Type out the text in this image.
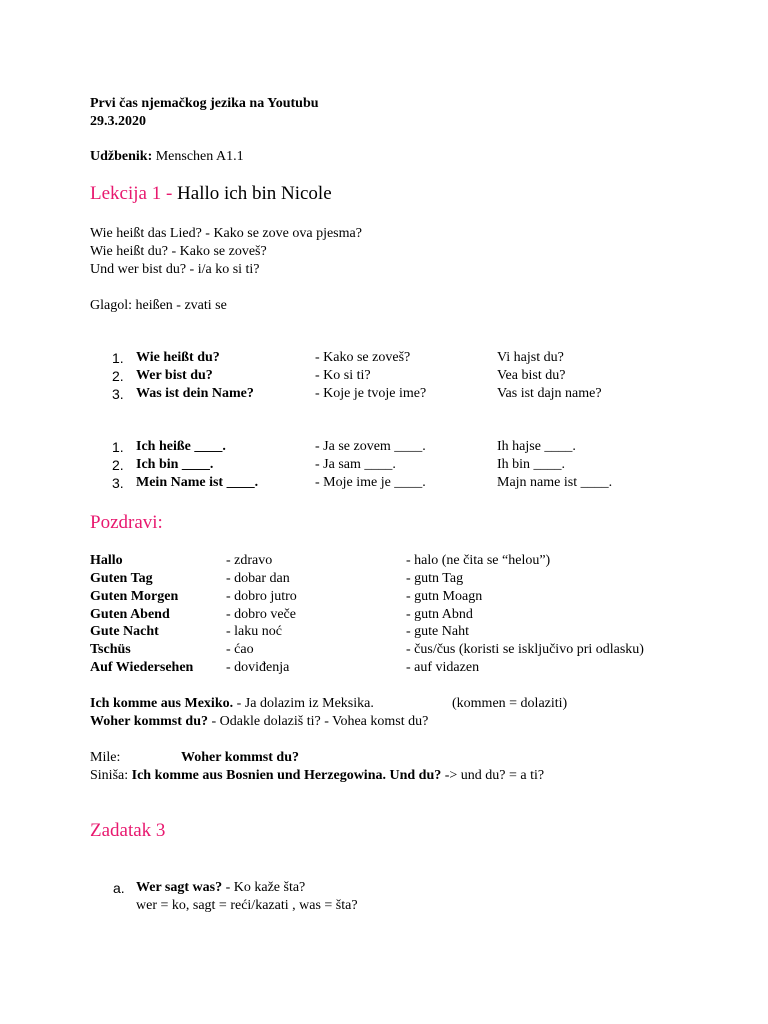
Prvi čas njemačkog jezika na Youtubu
29.3.2020
Udžbenik: Menschen A1.1
Lekcija 1 - Hallo ich bin Nicole
Wie heißt das Lied? - Kako se zove ova pjesma?
Wie heißt du? - Kako se zoveš?
Und wer bist du? - i/a ko si ti?
Glagol: heißen - zvati se
1. Wie heißt du?	- Kako se zoveš?	Vi hajst du?
2. Wer bist du?	- Ko si ti?	Vea bist du?
3. Was ist dein Name?	- Koje je tvoje ime?	Vas ist dajn name?
1. Ich heiße ____.	- Ja se zovem ____.	Ih hajse ____.
2. Ich bin ____.	- Ja sam ____.	Ih bin ____.
3. Mein Name ist ____.	- Moje ime je ____.	Majn name ist ____.
Pozdravi:
Hallo	- zdravo	- halo (ne čita se “helou”)
Guten Tag	- dobar dan	- gutn Tag
Guten Morgen	- dobro jutro	- gutn Moagn
Guten Abend	- dobro veče	- gutn Abnd
Gute Nacht	- laku noć	- gute Naht
Tschüs	- ćao	- čus/čus (koristi se isključivo pri odlasku)
Auf Wiedersehen - doviđenja	- auf vidazen
Ich komme aus Mexiko. - Ja dolazim iz Meksika.	(kommen = dolaziti)
Woher kommst du? - Odakle dolaziš ti? - Vohea komst du?
Mile:	Woher kommst du?
Siniša: Ich komme aus Bosnien und Herzegowina. Und du? -> und du? = a ti?
Zadatak 3
a. Wer sagt was? - Ko kaže šta?
wer = ko, sagt = reći/kazati , was = šta?
